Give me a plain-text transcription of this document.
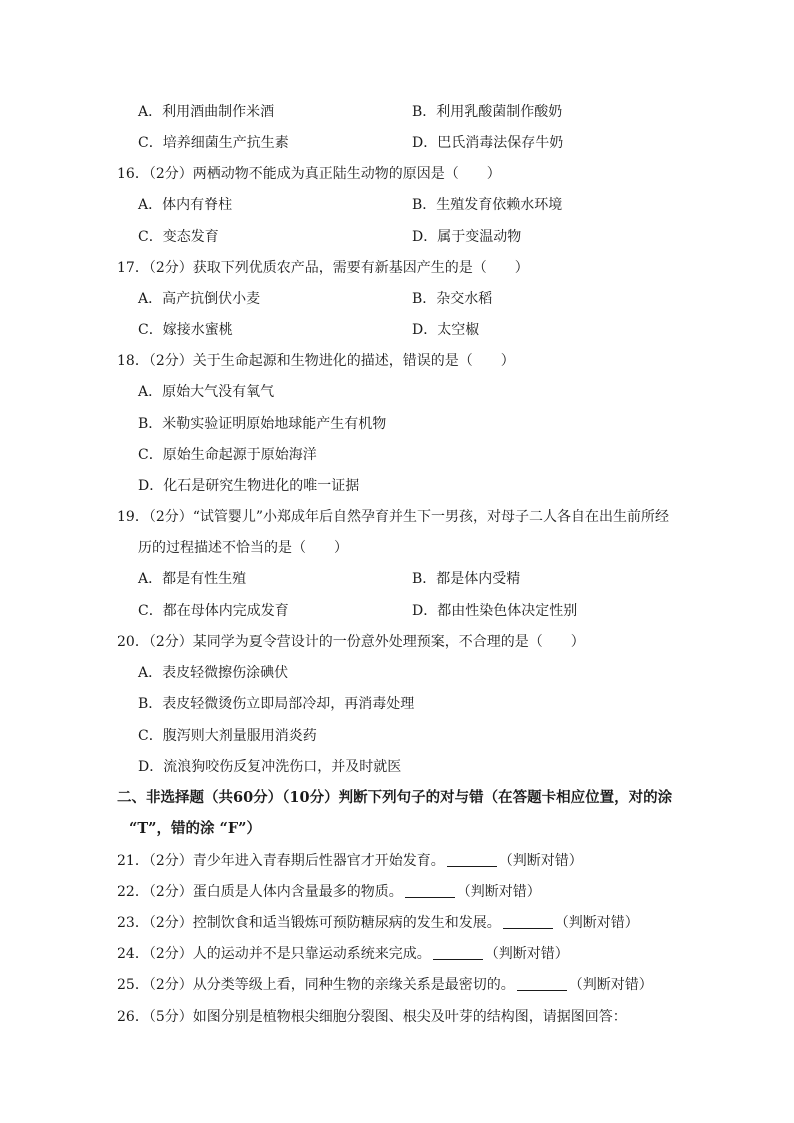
A．利用酒曲制作米酒	B．利用乳酸菌制作酸奶
C．培养细菌生产抗生素	D．巴氏消毒法保存牛奶
16．（2分）两栖动物不能成为真正陆生动物的原因是（　　）
A．体内有脊柱	B．生殖发育依赖水环境
C．变态发育	D．属于变温动物
17．（2分）获取下列优质农产品，需要有新基因产生的是（　　）
A．高产抗倒伏小麦	B．杂交水稻
C．嫁接水蜜桃	D．太空椒
18．（2分）关于生命起源和生物进化的描述，错误的是（　　）
A．原始大气没有氧气
B．米勒实验证明原始地球能产生有机物
C．原始生命起源于原始海洋
D．化石是研究生物进化的唯一证据
19．（2分）“试管婴儿”小郑成年后自然孕育并生下一男孩，对母子二人各自在出生前所经
历的过程描述不恰当的是（　　）
A．都是有性生殖	B．都是体内受精
C．都在母体内完成发育	D．都由性染色体决定性别
20．（2分）某同学为夏令营设计的一份意外处理预案，不合理的是（　　）
A．表皮轻微擦伤涂碘伏
B．表皮轻微烫伤立即局部冷却，再消毒处理
C．腹泻则大剂量服用消炎药
D．流浪狗咬伤反复冲洗伤口，并及时就医
二、非选择题（共60分）（10分）判断下列句子的对与错（在答题卡相应位置，对的涂
“T”，错的涂 “F”）
21．（2分）青少年进入青春期后性器官才开始发育。	（判断对错）
22．（2分）蛋白质是人体内含量最多的物质。	（判断对错）
23．（2分）控制饮食和适当锻炼可预防糖尿病的发生和发展。	（判断对错）
24．（2分）人的运动并不是只靠运动系统来完成。	（判断对错）
25．（2分）从分类等级上看，同种生物的亲缘关系是最密切的。	（判断对错）
26．（5分）如图分别是植物根尖细胞分裂图、根尖及叶芽的结构图，请据图回答：
